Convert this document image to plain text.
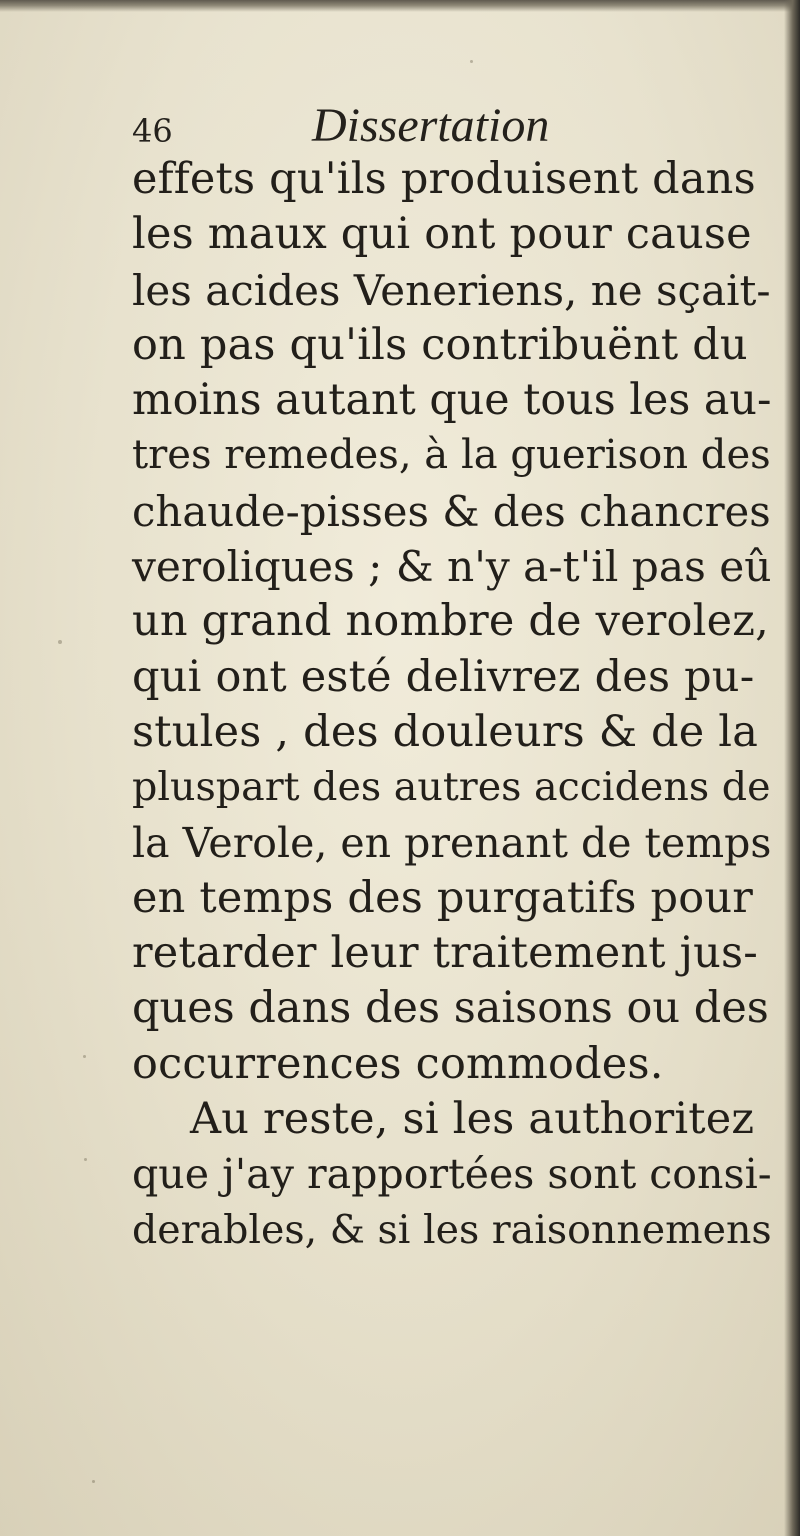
46	Dissertation
effets qu'ils produisent dans
les maux qui ont pour cause
les acides Veneriens, ne sçait-
on pas qu'ils contribuënt du
moins autant que tous les au-
tres remedes, à la guerison des
chaude-pisses & des chancres
veroliques ; & n'y a-t'il pas eû
un grand nombre de verolez,
qui ont esté delivrez des pu-
stules , des douleurs & de la
pluspart des autres accidens de
la Verole, en prenant de temps
en temps des purgatifs pour
retarder leur traitement jus-
ques dans des saisons ou des
occurrences commodes.
Au reste, si les authoritez
que j'ay rapportées sont consi-
derables, & si les raisonnemens
